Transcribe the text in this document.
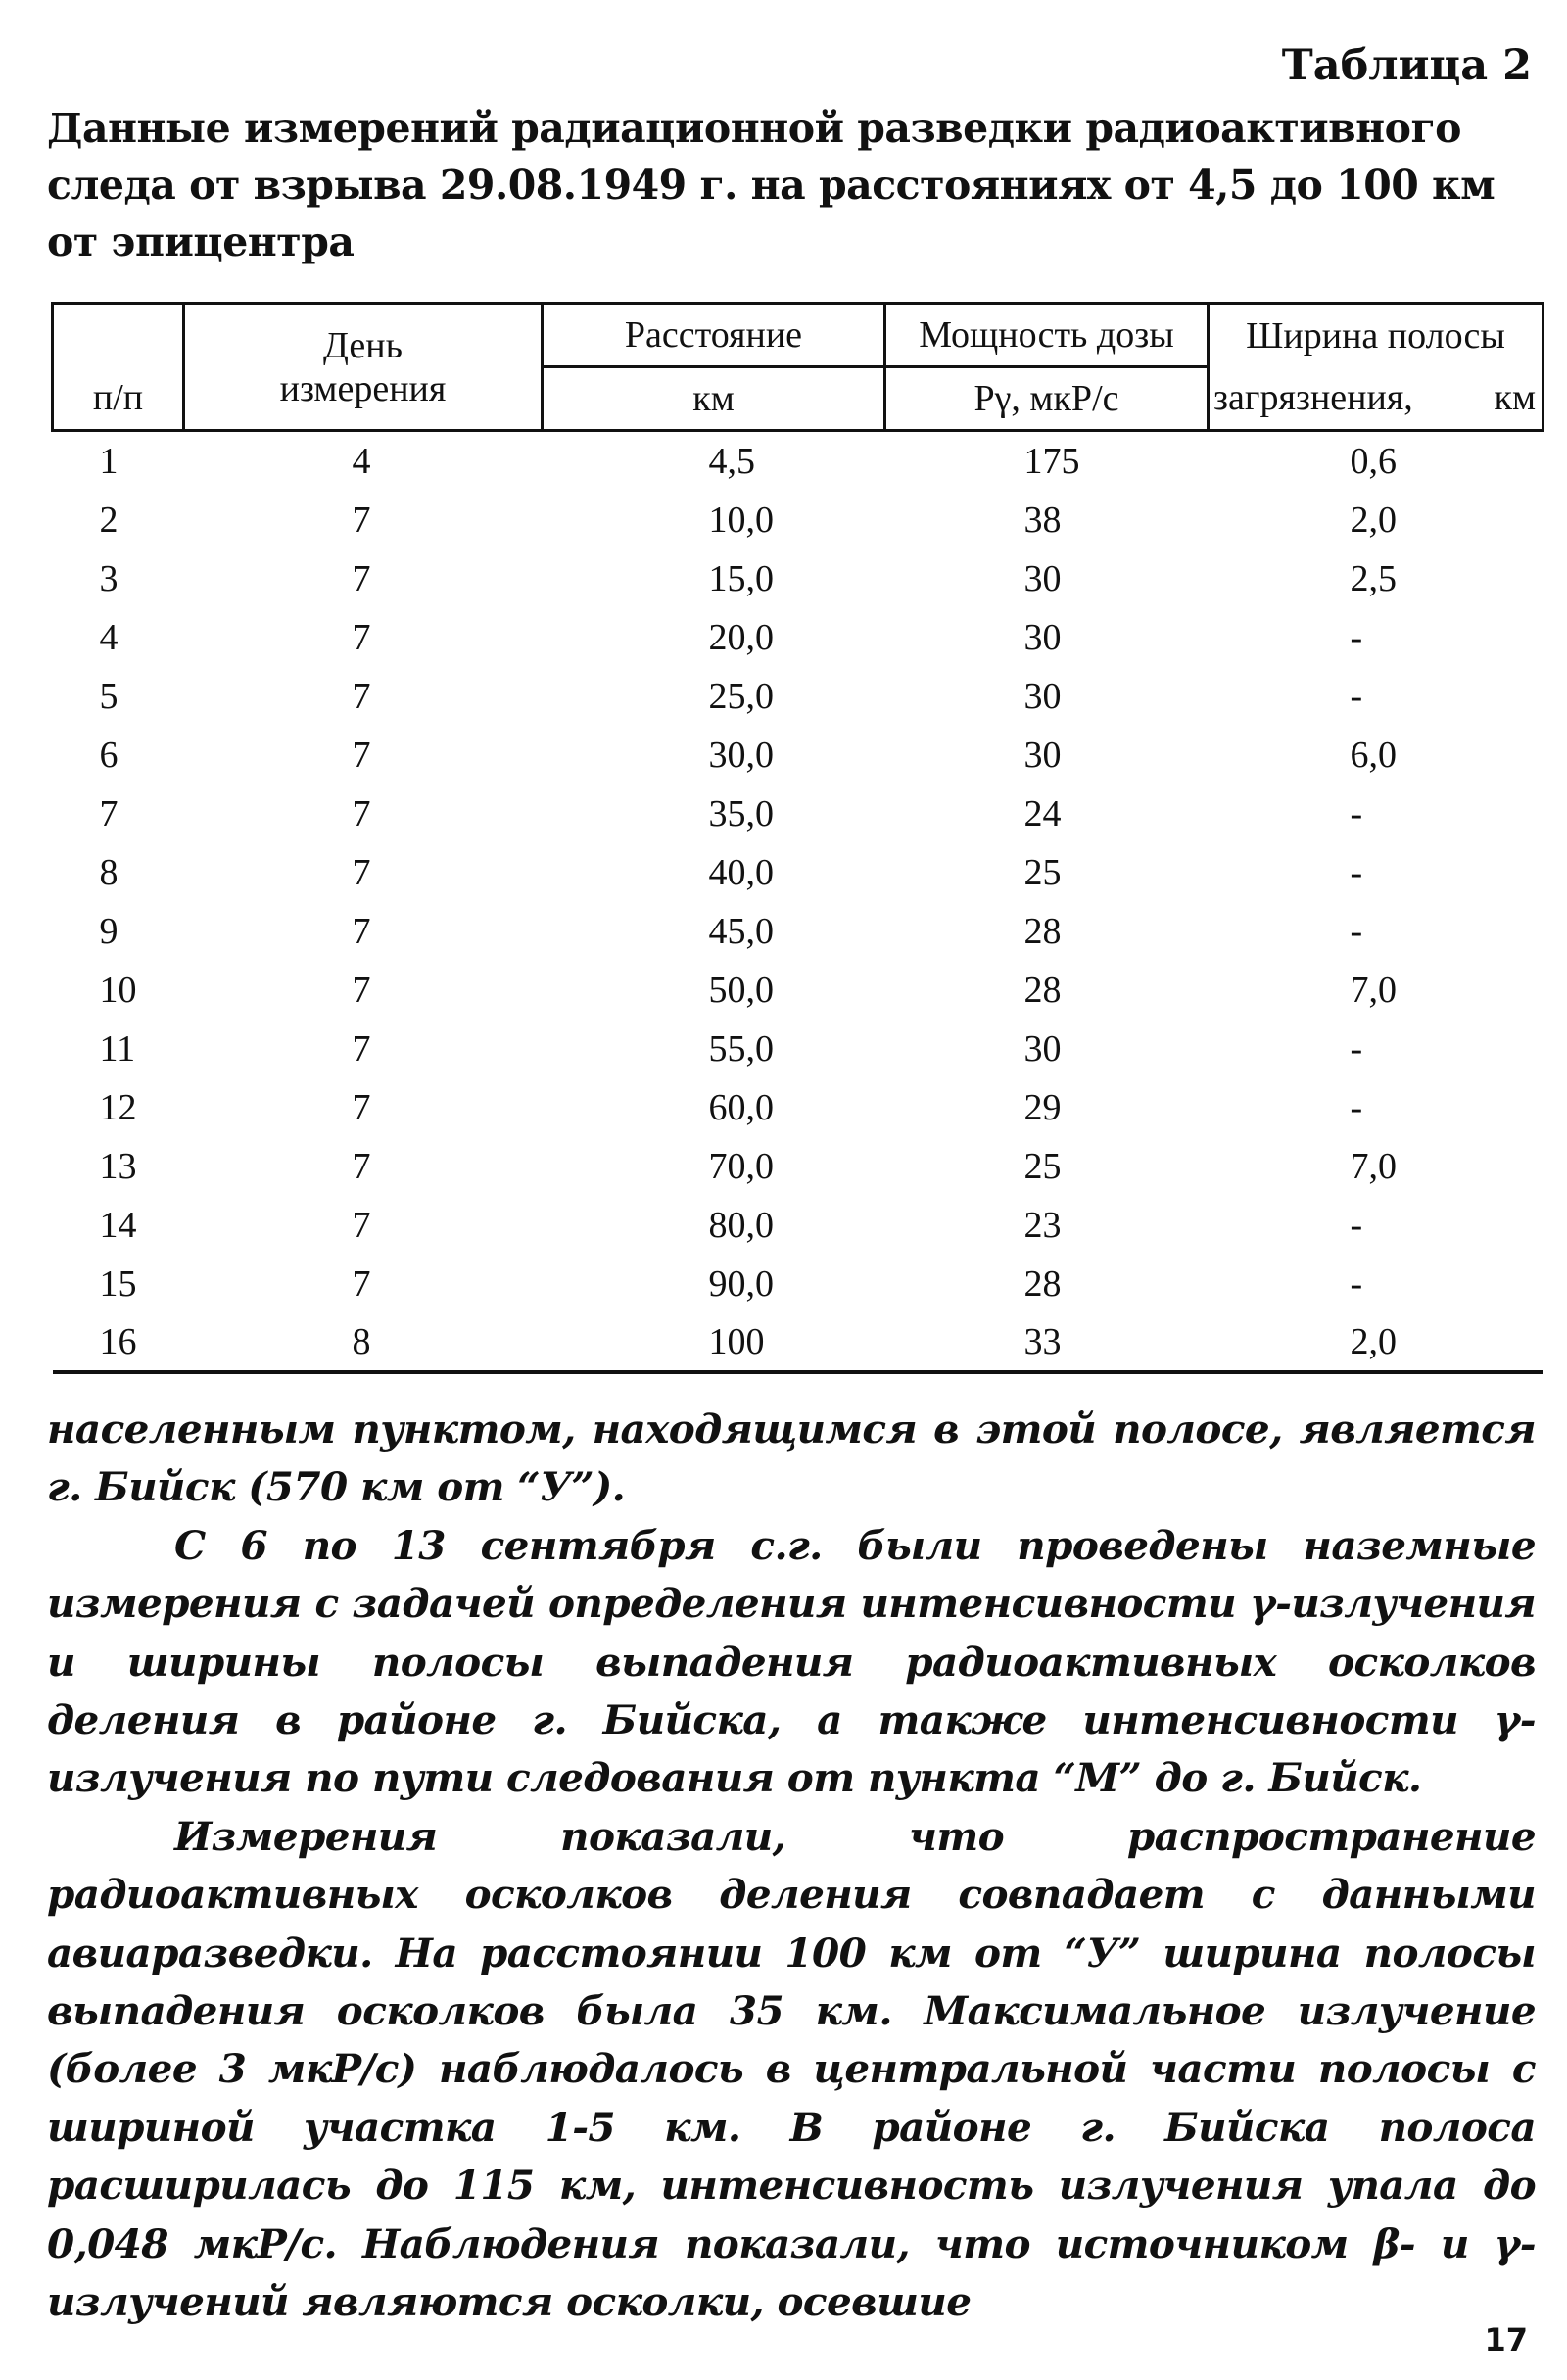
Таблица 2
Данные измерений радиационной разведки радиоактивного следа от взрыва 29.08.1949 г. на расстояниях от 4,5 до 100 км от эпицентра
	День	Расстояние	Мощность дозы	Ширина полосы
п/п	измерения	км	Pγ, мкР/с	загрязнения, км

1	4	4,5	175	0,6
2	7	10,0	38	2,0
3	7	15,0	30	2,5
4	7	20,0	30	-
5	7	25,0	30	-
6	7	30,0	30	6,0
7	7	35,0	24	-
8	7	40,0	25	-
9	7	45,0	28	-
10	7	50,0	28	7,0
11	7	55,0	30	-
12	7	60,0	29	-
13	7	70,0	25	7,0
14	7	80,0	23	-
15	7	90,0	28	-
16	8	100	33	2,0

населенным пунктом, находящимся в этой полосе, является г. Бийск (570 км от “У”).

С 6 по 13 сентября с.г. были проведены наземные измерения с задачей определения интенсивности γ-излучения и ширины полосы выпадения радиоактивных осколков деления в районе г. Бийска, а также интенсивности γ-излучения по пути следования от пункта “М” до г. Бийск.

Измерения показали, что распространение радиоактивных осколков деления совпадает с данными авиаразведки. На расстоянии 100 км от “У” ширина полосы выпадения осколков была 35 км. Максимальное излучение (более 3 мкР/с) наблюдалось в центральной части полосы с шириной участка 1-5 км. В районе г. Бийска полоса расширилась до 115 км, интенсивность излучения упала до 0,048 мкР/с. Наблюдения показали, что источником β- и γ-излучений являются осколки, осевшие

17
